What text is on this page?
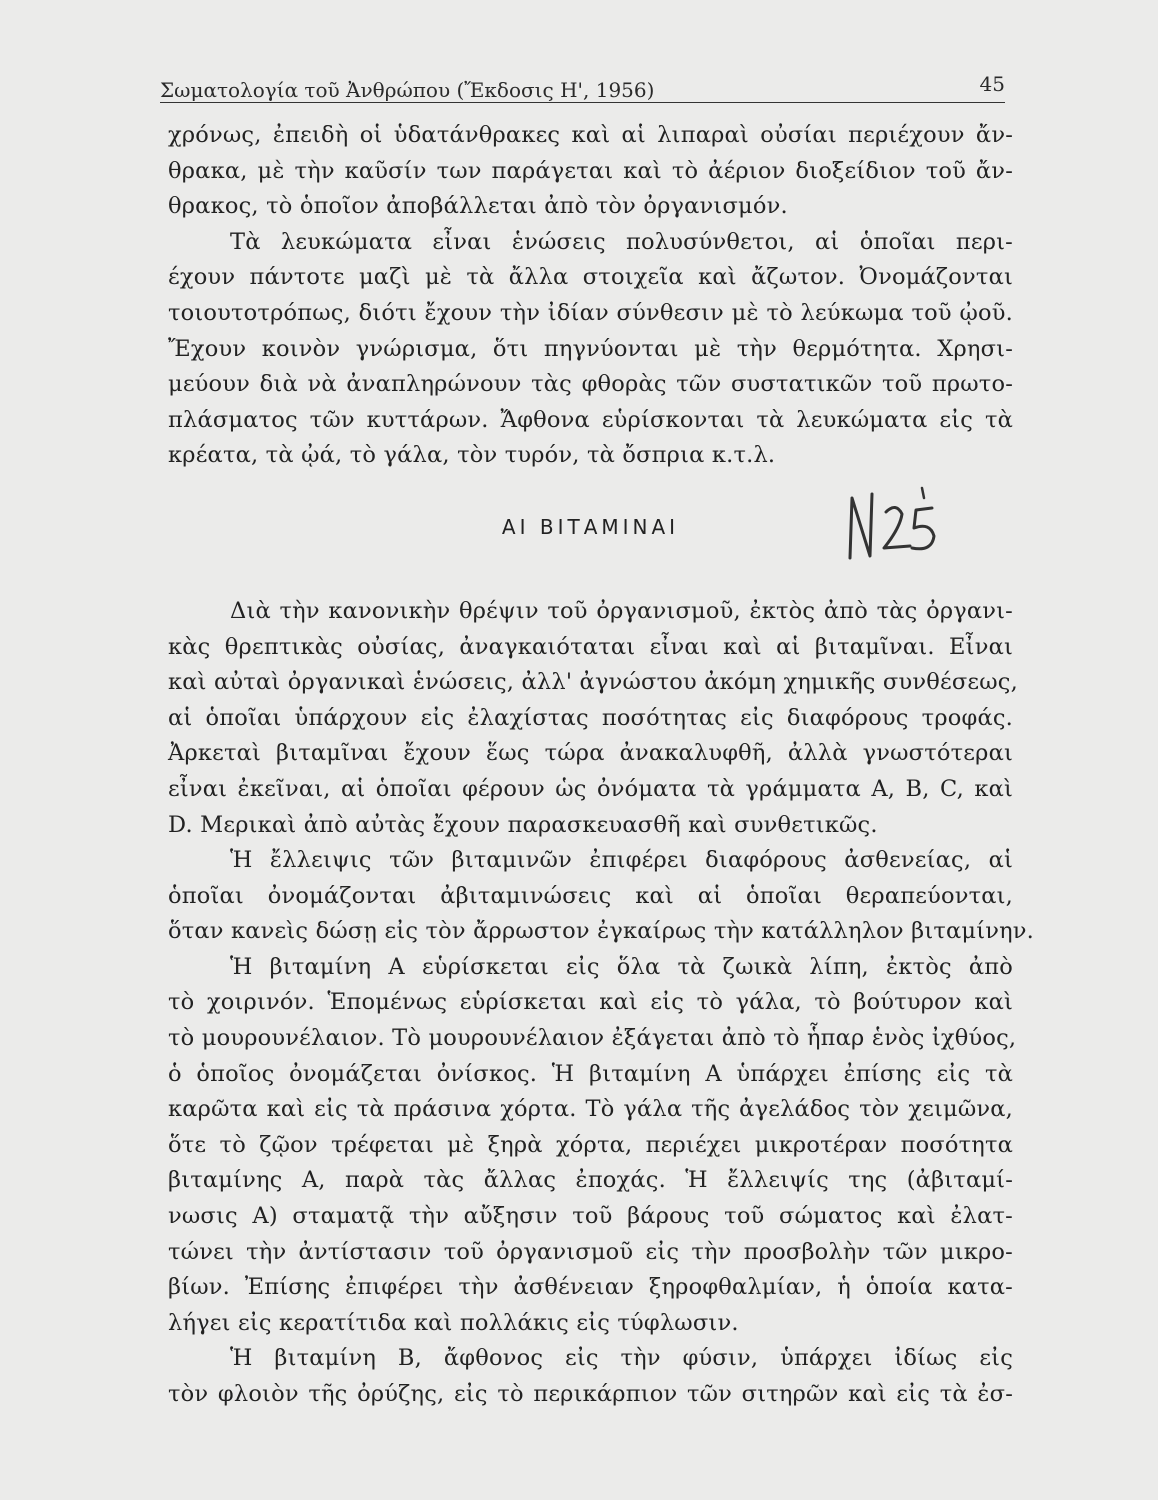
Σωματολογία τοῦ Ἀνθρώπου (Ἔκδοσις Η', 1956)	45
χρόνως, ἐπειδὴ οἱ ὑδατάνθρακες καὶ αἱ λιπαραὶ οὐσίαι περιέχουν ἄν-
θρακα, μὲ τὴν καῦσίν των παράγεται καὶ τὸ ἀέριον διοξείδιον τοῦ ἄν-
θρακος, τὸ ὁποῖον ἀποβάλλεται ἀπὸ τὸν ὀργανισμόν.
Τὰ λευκώματα εἶναι ἑνώσεις πολυσύνθετοι, αἱ ὁποῖαι περι-
έχουν πάντοτε μαζὶ μὲ τὰ ἄλλα στοιχεῖα καὶ ἄζωτον. Ὀνομάζονται
τοιουτοτρόπως, διότι ἔχουν τὴν ἰδίαν σύνθεσιν μὲ τὸ λεύκωμα τοῦ ᾠοῦ.
Ἔχουν κοινὸν γνώρισμα, ὅτι πηγνύονται μὲ τὴν θερμότητα. Χρησι-
μεύουν διὰ νὰ ἀναπληρώνουν τὰς φθορὰς τῶν συστατικῶν τοῦ πρωτο-
πλάσματος τῶν κυττάρων. Ἄφθονα εὑρίσκονται τὰ λευκώματα εἰς τὰ
κρέατα, τὰ ᾠά, τὸ γάλα, τὸν τυρόν, τὰ ὄσπρια κ.τ.λ.
ΑΙ ΒΙΤΑΜΙΝΑΙ
Διὰ τὴν κανονικὴν θρέψιν τοῦ ὀργανισμοῦ, ἐκτὸς ἀπὸ τὰς ὀργανι-
κὰς θρεπτικὰς οὐσίας, ἀναγκαιόταται εἶναι καὶ αἱ βιταμῖναι. Εἶναι
καὶ αὐταὶ ὀργανικαὶ ἑνώσεις, ἀλλ' ἀγνώστου ἀκόμη χημικῆς συνθέσεως,
αἱ ὁποῖαι ὑπάρχουν εἰς ἐλαχίστας ποσότητας εἰς διαφόρους τροφάς.
Ἀρκεταὶ βιταμῖναι ἔχουν ἕως τώρα ἀνακαλυφθῆ, ἀλλὰ γνωστότεραι
εἶναι ἐκεῖναι, αἱ ὁποῖαι φέρουν ὡς ὀνόματα τὰ γράμματα A, B, C, καὶ
D. Μερικαὶ ἀπὸ αὐτὰς ἔχουν παρασκευασθῆ καὶ συνθετικῶς.
Ἡ ἔλλειψις τῶν βιταμινῶν ἐπιφέρει διαφόρους ἀσθενείας, αἱ
ὁποῖαι ὀνομάζονται ἀβιταμινώσεις καὶ αἱ ὁποῖαι θεραπεύονται,
ὅταν κανεὶς δώσῃ εἰς τὸν ἄρρωστον ἐγκαίρως τὴν κατάλληλον βιταμίνην.
Ἡ βιταμίνη A εὑρίσκεται εἰς ὅλα τὰ ζωικὰ λίπη, ἐκτὸς ἀπὸ
τὸ χοιρινόν. Ἑπομένως εὑρίσκεται καὶ εἰς τὸ γάλα, τὸ βούτυρον καὶ
τὸ μουρουνέλαιον. Τὸ μουρουνέλαιον ἐξάγεται ἀπὸ τὸ ἧπαρ ἑνὸς ἰχθύος,
ὁ ὁποῖος ὀνομάζεται ὀνίσκος. Ἡ βιταμίνη A ὑπάρχει ἐπίσης εἰς τὰ
καρῶτα καὶ εἰς τὰ πράσινα χόρτα. Τὸ γάλα τῆς ἀγελάδος τὸν χειμῶνα,
ὅτε τὸ ζῷον τρέφεται μὲ ξηρὰ χόρτα, περιέχει μικροτέραν ποσότητα
βιταμίνης A, παρὰ τὰς ἄλλας ἐποχάς. Ἡ ἔλλειψίς της (ἀβιταμί-
νωσις A) σταματᾷ τὴν αὔξησιν τοῦ βάρους τοῦ σώματος καὶ ἐλατ-
τώνει τὴν ἀντίστασιν τοῦ ὀργανισμοῦ εἰς τὴν προσβολὴν τῶν μικρο-
βίων. Ἐπίσης ἐπιφέρει τὴν ἀσθένειαν ξηροφθαλμίαν, ἡ ὁποία κατα-
λήγει εἰς κερατίτιδα καὶ πολλάκις εἰς τύφλωσιν.
Ἡ βιταμίνη B, ἄφθονος εἰς τὴν φύσιν, ὑπάρχει ἰδίως εἰς
τὸν φλοιὸν τῆς ὀρύζης, εἰς τὸ περικάρπιον τῶν σιτηρῶν καὶ εἰς τὰ ἐσ-
